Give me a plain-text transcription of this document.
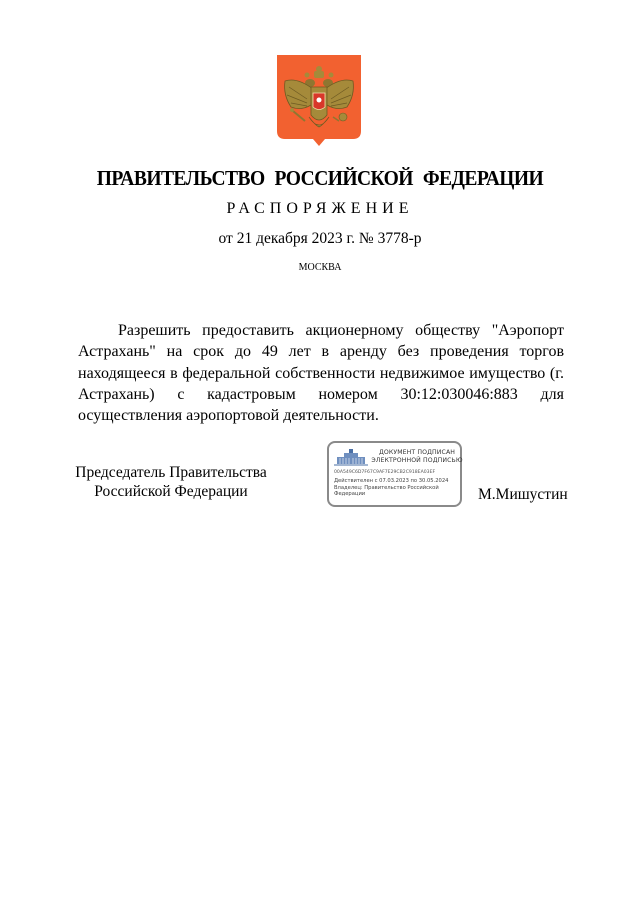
ПРАВИТЕЛЬСТВО РОССИЙСКОЙ ФЕДЕРАЦИИ
РАСПОРЯЖЕНИЕ
от 21 декабря 2023 г. № 3778-р
МОСКВА

Разрешить предоставить акционерному обществу "Аэропорт Астрахань" на срок до 49 лет в аренду без проведения торгов находящееся в федеральной собственности недвижимое имущество (г. Астрахань) с кадастровым номером 30:12:030046:883 для осуществления аэропортовой деятельности.

Председатель Правительства
Российской Федерации
ДОКУМЕНТ ПОДПИСАН
ЭЛЕКТРОННОЙ ПОДПИСЬЮ
00A549C6D7F67C9AF7E29CB2C918EA03EF
Действителен с 07.03.2023 по 30.05.2024
Владелец: Правительство Российской
Федерации	М.Мишустин
